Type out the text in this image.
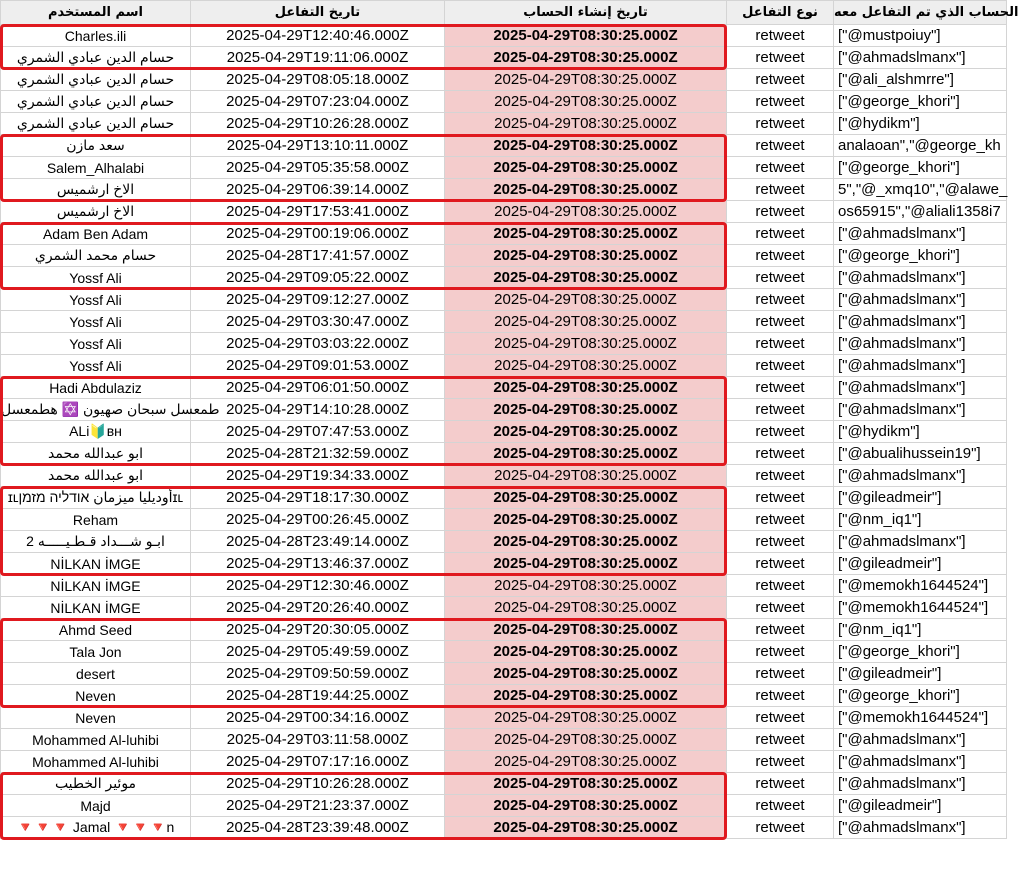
اسم المستخدم	تاريخ التفاعل	تاريخ إنشاء الحساب	نوع التفاعل	الحساب الذي تم التفاعل معه
Charles.ili	2025-04-29T12:40:46.000Z	2025-04-29T08:30:25.000Z	retweet	["@mustpoiuy"]
حسام الدين عبادي الشمري	2025-04-29T19:11:06.000Z	2025-04-29T08:30:25.000Z	retweet	["@ahmadslmanx"]
حسام الدين عبادي الشمري	2025-04-29T08:05:18.000Z	2025-04-29T08:30:25.000Z	retweet	["@ali_alshmrre"]
حسام الدين عبادي الشمري	2025-04-29T07:23:04.000Z	2025-04-29T08:30:25.000Z	retweet	["@george_khori"]
حسام الدين عبادي الشمري	2025-04-29T10:26:28.000Z	2025-04-29T08:30:25.000Z	retweet	["@hydikm"]
سعد مازن	2025-04-29T13:10:11.000Z	2025-04-29T08:30:25.000Z	retweet	analaoan","@george_kh
Salem_Alhalabi	2025-04-29T05:35:58.000Z	2025-04-29T08:30:25.000Z	retweet	["@george_khori"]
الاخ ارشميس	2025-04-29T06:39:14.000Z	2025-04-29T08:30:25.000Z	retweet	5","@_xmq10","@alawe_
الاخ ارشميس	2025-04-29T17:53:41.000Z	2025-04-29T08:30:25.000Z	retweet	os65915","@aliali1358i7
Adam Ben Adam	2025-04-29T00:19:06.000Z	2025-04-29T08:30:25.000Z	retweet	["@ahmadslmanx"]
حسام محمد الشمري	2025-04-28T17:41:57.000Z	2025-04-29T08:30:25.000Z	retweet	["@george_khori"]
Yossf Ali	2025-04-29T09:05:22.000Z	2025-04-29T08:30:25.000Z	retweet	["@ahmadslmanx"]
Yossf Ali	2025-04-29T09:12:27.000Z	2025-04-29T08:30:25.000Z	retweet	["@ahmadslmanx"]
Yossf Ali	2025-04-29T03:30:47.000Z	2025-04-29T08:30:25.000Z	retweet	["@ahmadslmanx"]
Yossf Ali	2025-04-29T03:03:22.000Z	2025-04-29T08:30:25.000Z	retweet	["@ahmadslmanx"]
Yossf Ali	2025-04-29T09:01:53.000Z	2025-04-29T08:30:25.000Z	retweet	["@ahmadslmanx"]
Hadi Abdulaziz	2025-04-29T06:01:50.000Z	2025-04-29T08:30:25.000Z	retweet	["@ahmadslmanx"]
طمعسل سبحان صهيون ✡️ هطمعسل	2025-04-29T14:10:28.000Z	2025-04-29T08:30:25.000Z	retweet	["@ahmadslmanx"]
ALi🔰ʙʜ	2025-04-29T07:47:53.000Z	2025-04-29T08:30:25.000Z	retweet	["@hydikm"]
ابو عبدالله محمد	2025-04-28T21:32:59.000Z	2025-04-29T08:30:25.000Z	retweet	["@abualihussein19"]
ابو عبدالله محمد	2025-04-29T19:34:33.000Z	2025-04-29T08:30:25.000Z	retweet	["@ahmadslmanx"]
ɪʟأوديليا ميزمان אודליה מזמןɪʟ	2025-04-29T18:17:30.000Z	2025-04-29T08:30:25.000Z	retweet	["@gileadmeir"]
Reham	2025-04-29T00:26:45.000Z	2025-04-29T08:30:25.000Z	retweet	["@nm_iq1"]
ابـو شـــداد قـطـيـــــه 2	2025-04-28T23:49:14.000Z	2025-04-29T08:30:25.000Z	retweet	["@ahmadslmanx"]
NİLKAN İMGE	2025-04-29T13:46:37.000Z	2025-04-29T08:30:25.000Z	retweet	["@gileadmeir"]
NİLKAN İMGE	2025-04-29T12:30:46.000Z	2025-04-29T08:30:25.000Z	retweet	["@memokh1644524"]
NİLKAN İMGE	2025-04-29T20:26:40.000Z	2025-04-29T08:30:25.000Z	retweet	["@memokh1644524"]
Ahmd Seed	2025-04-29T20:30:05.000Z	2025-04-29T08:30:25.000Z	retweet	["@nm_iq1"]
Tala Jon	2025-04-29T05:49:59.000Z	2025-04-29T08:30:25.000Z	retweet	["@george_khori"]
desert	2025-04-29T09:50:59.000Z	2025-04-29T08:30:25.000Z	retweet	["@gileadmeir"]
Neven	2025-04-28T19:44:25.000Z	2025-04-29T08:30:25.000Z	retweet	["@george_khori"]
Neven	2025-04-29T00:34:16.000Z	2025-04-29T08:30:25.000Z	retweet	["@memokh1644524"]
Mohammed Al-luhibi	2025-04-29T03:11:58.000Z	2025-04-29T08:30:25.000Z	retweet	["@ahmadslmanx"]
Mohammed Al-luhibi	2025-04-29T07:17:16.000Z	2025-04-29T08:30:25.000Z	retweet	["@ahmadslmanx"]
موئير الخطيب	2025-04-29T10:26:28.000Z	2025-04-29T08:30:25.000Z	retweet	["@ahmadslmanx"]
Majd	2025-04-29T21:23:37.000Z	2025-04-29T08:30:25.000Z	retweet	["@gileadmeir"]
🔻🔻🔻 Jamal 🔻🔻🔻n	2025-04-28T23:39:48.000Z	2025-04-29T08:30:25.000Z	retweet	["@ahmadslmanx"]
